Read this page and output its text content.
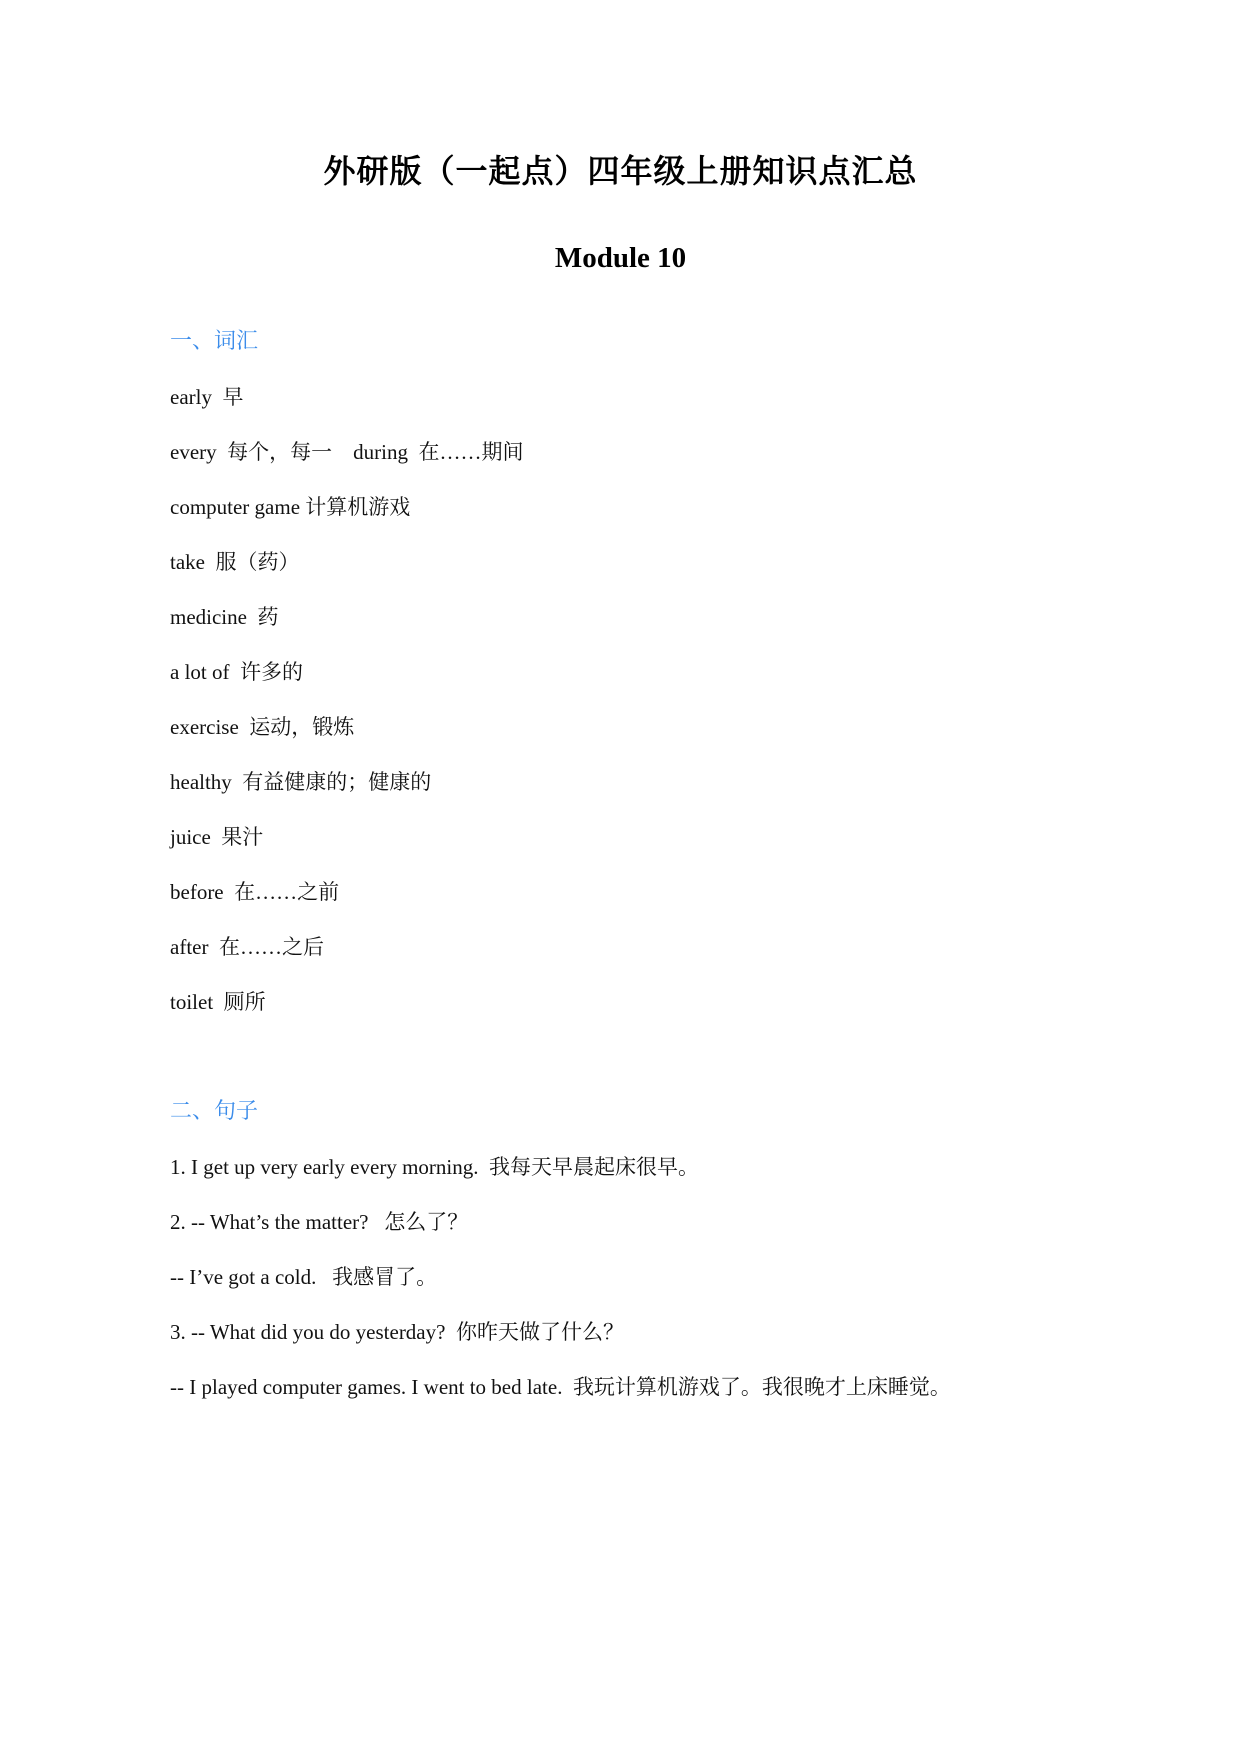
外研版（一起点）四年级上册知识点汇总
Module 10
一、词汇

early  早

every  每个，每一    during  在……期间

computer game 计算机游戏

take  服（药）

medicine  药

a lot of  许多的

exercise  运动，锻炼

healthy  有益健康的；健康的

juice  果汁

before  在……之前

after  在……之后

toilet  厕所

二、句子

1. I get up very early every morning.  我每天早晨起床很早。

2. -- What’s the matter?   怎么了？

-- I’ve got a cold.   我感冒了。

3. -- What did you do yesterday?  你昨天做了什么？

-- I played computer games. I went to bed late.  我玩计算机游戏了。我很晚才上床睡觉。
